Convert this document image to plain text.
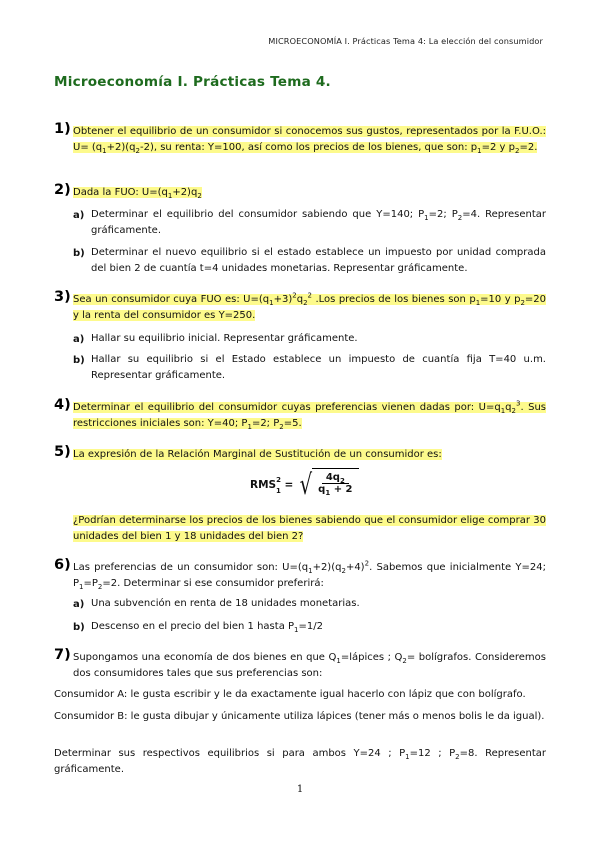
MICROECONOMÍA I. Prácticas Tema 4: La elección del consumidor
Microeconomía I. Prácticas Tema 4.
1) Obtener el equilibrio de un consumidor si conocemos sus gustos, representados por la F.U.O.: $U= (q_1+2)(q_2-2)$, su renta: Y=100, así como los precios de los bienes, que son: $p_1=2$ y $p_2=2$.
2) Dada la FUO: $U=(q_1+2)q_2$
a) Determinar el equilibrio del consumidor sabiendo que Y=140; $P_1=2$; $P_2=4$. Representar gráficamente.
b) Determinar el nuevo equilibrio si el estado establece un impuesto por unidad comprada del bien 2 de cuantía t=4 unidades monetarias. Representar gráficamente.
3) Sea un consumidor cuya FUO es: $U=(q_1+3)^2q_2^2$ .Los precios de los bienes son $p_1=10$ y $p_2=20$ y la renta del consumidor es Y=250.
a) Hallar su equilibrio inicial. Representar gráficamente.
b) Hallar su equilibrio si el Estado establece un impuesto de cuantía fija T=40 u.m. Representar gráficamente.
4) Determinar el equilibrio del consumidor cuyas preferencias vienen dadas por: $U=q_1q_2^3$. Sus restricciones iniciales son: Y=40; $P_1=2$; $P_2=5$.
5) La expresión de la Relación Marginal de Sustitución de un consumidor es:
$RMS^2_1$ = √ $\frac{4q_2}{q_1 + 2}$
¿Podrían determinarse los precios de los bienes sabiendo que el consumidor elige comprar 30 unidades del bien 1 y 18 unidades del bien 2?
6) Las preferencias de un consumidor son: $U=(q_1+2)(q_2+4)^2$. Sabemos que inicialmente Y=24; $P_1=P_2=2$. Determinar si ese consumidor preferirá:
a) Una subvención en renta de 18 unidades monetarias.
b) Descenso en el precio del bien 1 hasta $P_1=1/2$
7) Supongamos una economía de dos bienes en que $Q_1=lápices$ ; $Q_2=$ bolígrafos. Consideremos dos consumidores tales que sus preferencias son:
Consumidor A: le gusta escribir y le da exactamente igual hacerlo con lápiz que con bolígrafo.
Consumidor B: le gusta dibujar y únicamente utiliza lápices (tener más o menos bolis le da igual).
Determinar sus respectivos equilibrios si para ambos Y=24 ; $P_1=12$ ; $P_2=8$. Representar gráficamente.
1
